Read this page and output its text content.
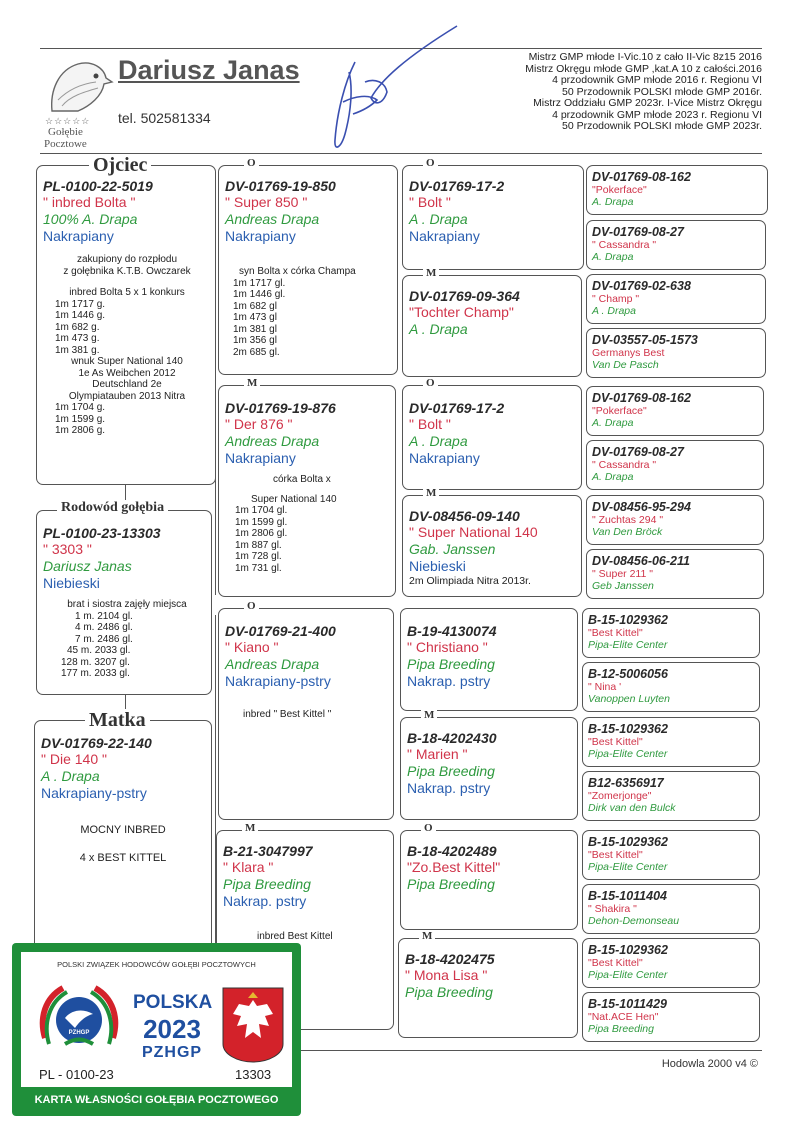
☆☆☆☆☆
Gołębie
Pocztowe
Dariusz Janas
tel. 502581334
Mistrz GMP młode I-Vic.10 z cało II-Vic 8z15 2016
Mistrz Okręgu młode GMP ,kat.A 10 z całości.2016
4 przodownik GMP młode 2016 r. Regionu VI
50 Przodownik POLSKI młode GMP 2016r.
Mistrz Oddziału GMP 2023r. I-Vice Mistrz Okręgu
4 przodownik GMP młode 2023 r. Regionu VI
50 Przodownik POLSKI młode GMP 2023r.
Ojciec
PL-0100-22-5019
" inbred Bolta "
100% A. Drapa
Nakrapiany
zakupiony do rozpłodu
z gołębnika K.T.B. Owczarek
inbred Bolta 5 x 1 konkurs
1m 1717 g.
1m 1446 g.
1m 682 g.
1m 473 g.
1m 381 g.
wnuk Super National 140
1e As Weibchen 2012
Deutschland 2e
Olympiatauben 2013 Nitra
1m 1704 g.
1m 1599 g.
1m 2806 g.
Rodowód gołębia
PL-0100-23-13303
" 3303 "
Dariusz Janas
Niebieski
brat i siostra zajęły miejsca
1 m. 2104 gl.
4 m. 2486 gl.
7 m. 2486 gl.
45 m. 2033 gl.
128 m. 3207 gl.
177 m. 2033 gl.
Matka
DV-01769-22-140
" Die 140 "
A . Drapa
Nakrapiany-pstry
MOCNY INBRED
4 x BEST KITTEL
O
DV-01769-19-850
" Super 850 "
Andreas Drapa
Nakrapiany
syn Bolta x córka Champa
1m 1717 gl.
1m 1446 gl.
1m 682 gl
1m 473 gl
1m 381 gl
1m 356 gl
2m 685 gl.
M
DV-01769-19-876
" Der 876 "
Andreas Drapa
Nakrapiany
córka Bolta x
Super National 140
1m 1704 gl.
1m 1599 gl.
1m 2806 gl.
1m 887 gl.
1m 728 gl.
1m 731 gl.
O
DV-01769-21-400
" Kiano "
Andreas Drapa
Nakrapiany-pstry
inbred " Best Kittel "
M
B-21-3047997
" Klara "
Pipa Breeding
Nakrap. pstry
inbred Best Kittel
O
DV-01769-17-2
" Bolt "
A . Drapa
Nakrapiany
M
DV-01769-09-364
"Tochter Champ"
A . Drapa
O
DV-01769-17-2
" Bolt "
A . Drapa
Nakrapiany
M
DV-08456-09-140
" Super National 140
Gab. Janssen
Niebieski
2m Olimpiada Nitra 2013r.
B-19-4130074
" Christiano "
Pipa Breeding
Nakrap. pstry
M
B-18-4202430
" Marien "
Pipa Breeding
Nakrap. pstry
O
B-18-4202489
"Zo.Best Kittel"
Pipa Breeding
M
B-18-4202475
" Mona Lisa "
Pipa Breeding
DV-01769-08-162
"Pokerface"
A. Drapa
DV-01769-08-27
" Cassandra "
A. Drapa
DV-01769-02-638
" Champ "
A . Drapa
DV-03557-05-1573
Germanys Best
Van De Pasch
DV-01769-08-162
"Pokerface"
A. Drapa
DV-01769-08-27
" Cassandra "
A. Drapa
DV-08456-95-294
" Zuchtas 294 "
Van Den Bröck
DV-08456-06-211
" Super 211 "
Geb Janssen
B-15-1029362
"Best Kittel"
Pipa-Elite Center
B-12-5006056
" Nina '
Vanoppen Luyten
B-15-1029362
"Best Kittel"
Pipa-Elite Center
B12-6356917
"Zomerjonge"
Dirk van den Bulck
B-15-1029362
"Best Kittel"
Pipa-Elite Center
B-15-1011404
" Shakira "
Dehon-Demonseau
B-15-1029362
"Best Kittel"
Pipa-Elite Center
B-15-1011429
"Nat.ACE Hen"
Pipa Breeding
Hodowla 2000 v4 ©
POLSKI ZWIĄZEK HODOWCÓW GOŁĘBI POCZTOWYCH
PZHGP
POLSKA
2023
PZHGP
PL - 0100-23	13303
KARTA WŁASNOŚCI GOŁĘBIA POCZTOWEGO
